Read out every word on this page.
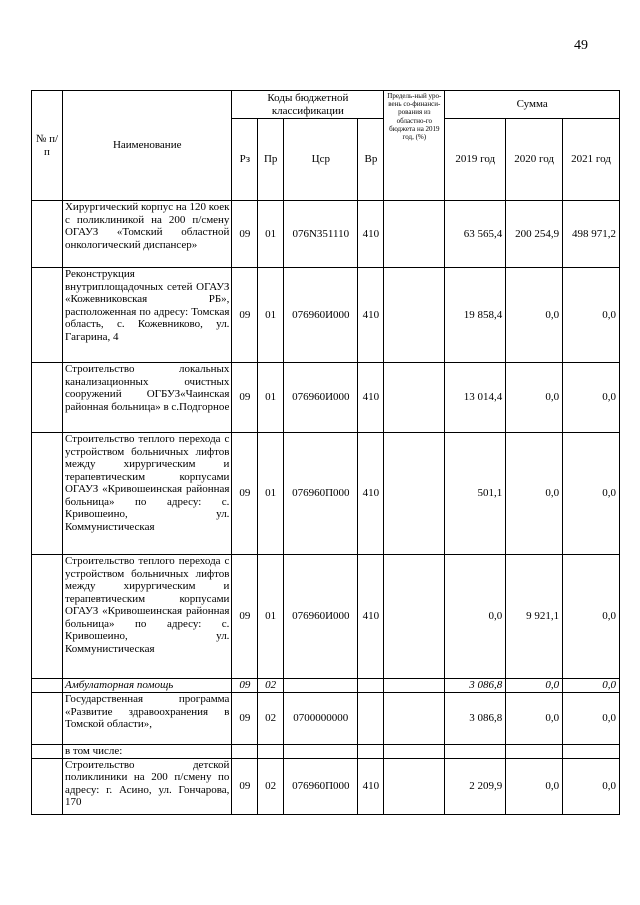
49
№ п/п	Наименование	Коды бюджетной классификации				Предель-ный уро-вень со-финанси-рования из областно-го бюджета на 2019 год, (%)	Сумма		
		Рз	Пр	Цср	Вр		2019 год	2020 год	2021 год
	Хирургический корпус на 120 коек с поликлиникой на 200 п/смену ОГАУЗ «Томский областной онкологический диспансер»	09	01	076N351110	410		63 565,4	200 254,9	498 971,2
	Реконструкция внутриплощадочных сетей ОГАУЗ «Кожевниковская РБ», расположенная по адресу: Томская область, с. Кожевниково, ул. Гагарина, 4	09	01	076960И000	410		19 858,4	0,0	0,0
	Строительство локальных канализационных очистных сооружений ОГБУЗ«Чаинская районная больница» в с.Подгорное	09	01	076960И000	410		13 014,4	0,0	0,0
	Строительство теплого перехода с устройством больничных лифтов между хирургическим и терапевтическим корпусами ОГАУЗ «Кривошеинская районная больница» по адресу: с. Кривошеино, ул. Коммунистическая	09	01	076960П000	410		501,1	0,0	0,0
	Строительство теплого перехода с устройством больничных лифтов между хирургическим и терапевтическим корпусами ОГАУЗ «Кривошеинская районная больница» по адресу: с. Кривошеино, ул. Коммунистическая	09	01	076960И000	410		0,0	9 921,1	0,0
	Амбулаторная помощь	09	02				3 086,8	0,0	0,0
	Государственная программа «Развитие здравоохранения в Томской области»,	09	02	0700000000			3 086,8	0,0	0,0
	в том числе:								
	Строительство детской поликлиники на 200 п/смену по адресу: г. Асино, ул. Гончарова, 170	09	02	076960П000	410		2 209,9	0,0	0,0
